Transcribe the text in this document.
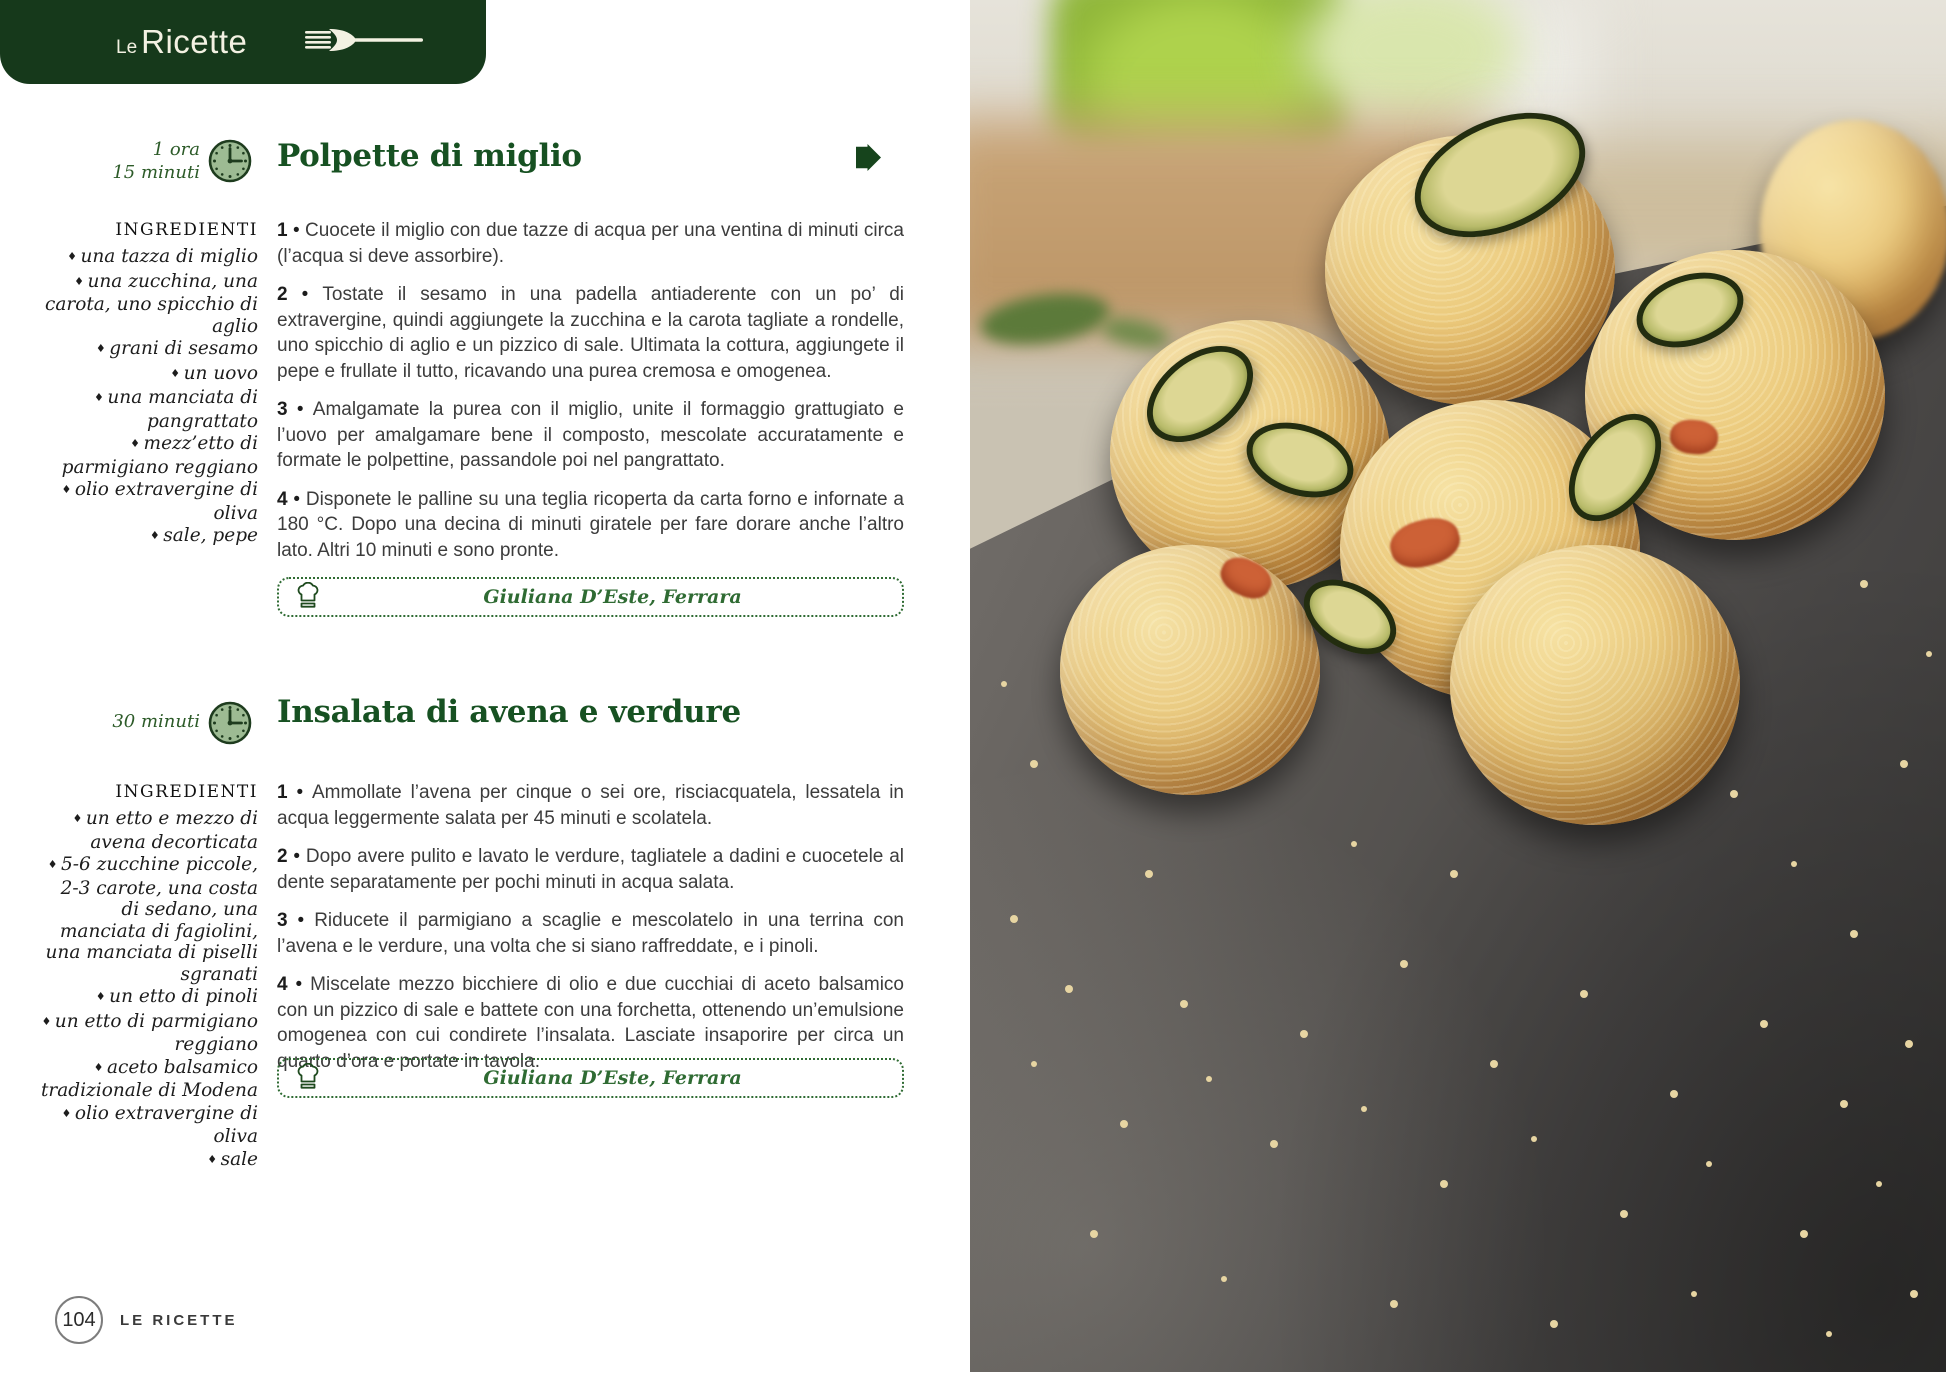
Le Ricette
1 ora
15 minuti Polpette di miglio
INGREDIENTI
♦ una tazza di miglio
♦ una zucchina, una carota, uno spicchio di aglio
♦ grani di sesamo
♦ un uovo
♦ una manciata di pangrattato
♦ mezz’etto di parmigiano reggiano
♦ olio extravergine di oliva
♦ sale, pepe

1 • Cuocete il miglio con due tazze di acqua per una ventina di minuti circa (l’acqua si deve assorbire).

2 • Tostate il sesamo in una padella antiaderente con un po’ di extravergine, quindi aggiungete la zucchina e la carota tagliate a rondelle, uno spicchio di aglio e un pizzico di sale. Ultimata la cottura, aggiungete il pepe e frullate il tutto, ricavando una purea cremosa e omogenea.

3 • Amalgamate la purea con il miglio, unite il formaggio grattugiato e l’uovo per amalgamare bene il composto, mescolate accuratamente e formate le polpettine, passandole poi nel pangrattato.

4 • Disponete le palline su una teglia ricoperta da carta forno e infornate a 180 °C. Dopo una decina di minuti giratele per fare dorare anche l’altro lato. Altri 10 minuti e sono pronte.

Giuliana D’Este, Ferrara
30 minuti Insalata di avena e verdure
INGREDIENTI
♦ un etto e mezzo di avena decorticata
♦ 5-6 zucchine piccole, 2-3 carote, una costa di sedano, una manciata di fagiolini, una manciata di piselli sgranati
♦ un etto di pinoli
♦ un etto di parmigiano reggiano
♦ aceto balsamico tradizionale di Modena
♦ olio extravergine di oliva
♦ sale

1 • Ammollate l’avena per cinque o sei ore, risciacquatela, lessatela in acqua leggermente salata per 45 minuti e scolatela.

2 • Dopo avere pulito e lavato le verdure, tagliatele a dadini e cuocetele al dente separatamente per pochi minuti in acqua salata.

3 • Riducete il parmigiano a scaglie e mescolatelo in una terrina con l’avena e le verdure, una volta che si siano raffreddate, e i pinoli.

4 • Miscelate mezzo bicchiere di olio e due cucchiai di aceto balsamico con un pizzico di sale e battete con una forchetta, ottenendo un’emulsione omogenea con cui condirete l’insalata. Lasciate insaporire per circa un quarto d’ora e portate in tavola.

Giuliana D’Este, Ferrara
104	LE RICETTE
